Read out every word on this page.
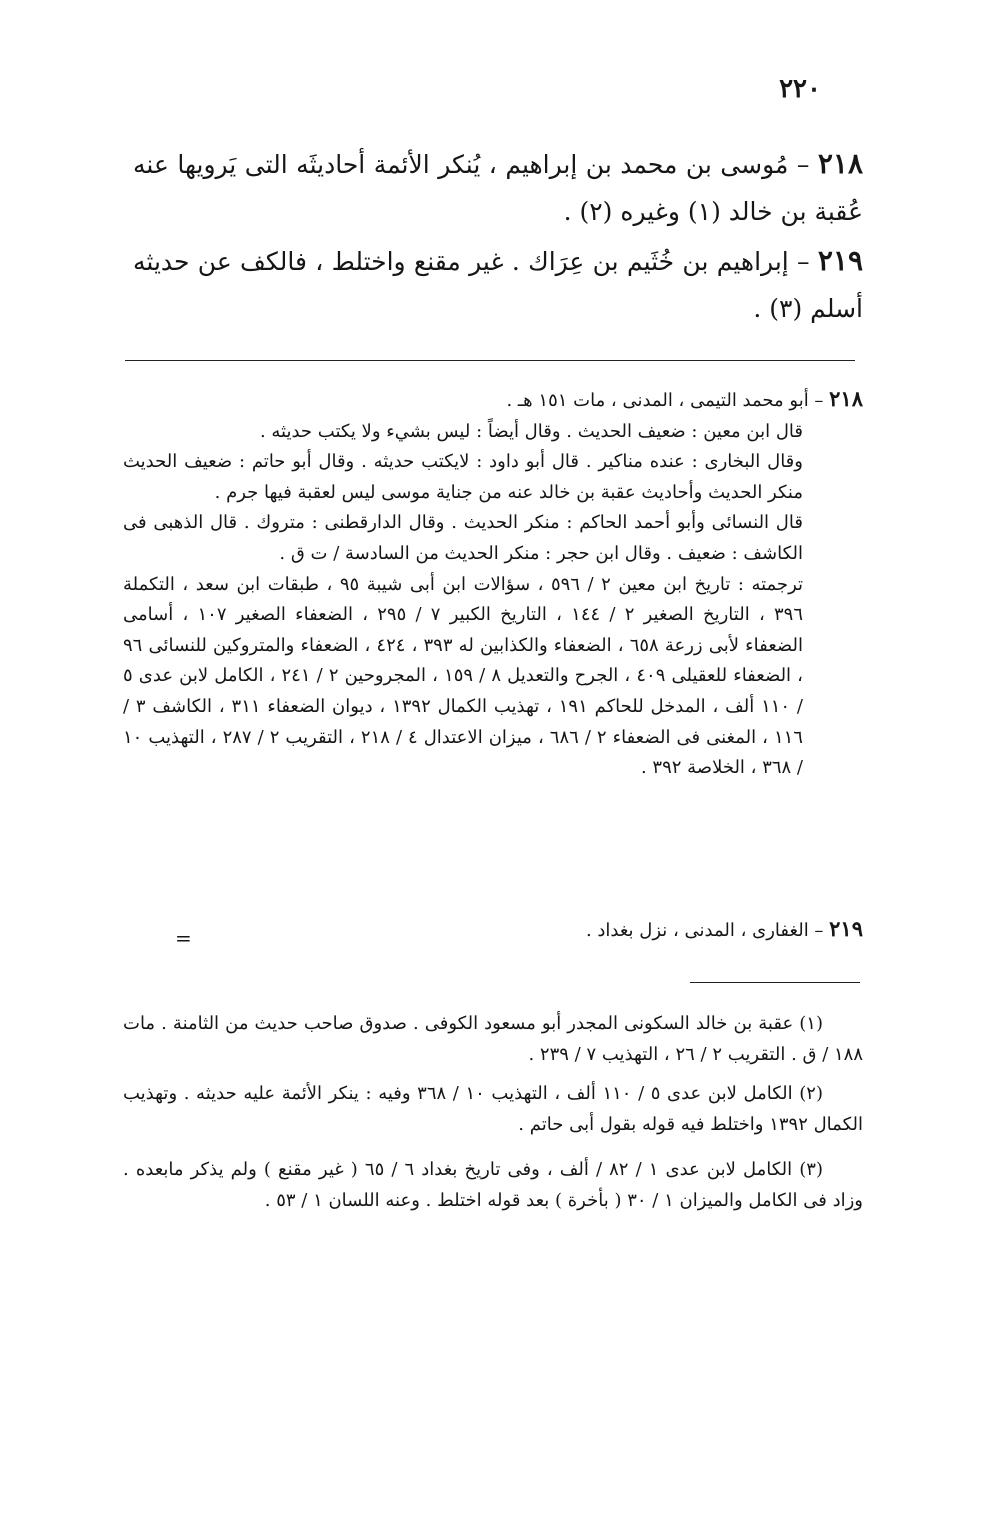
٢٢٠
٢١٨ – مُوسى بن محمد بن إبراهيم ، يُنكر الأئمة أحاديثَه التى يَرويها عنه عُقبة بن خالد (١) وغيره (٢) .
٢١٩ – إبراهيم بن خُثَيم بن عِرَاك . غير مقنع واختلط ، فالكف عن حديثه أسلم (٣) .
٢١٨ – أبو محمد التيمى ، المدنى ، مات ١٥١ هـ .
قال ابن معين : ضعيف الحديث . وقال أيضاً : ليس بشيء ولا يكتب حديثه .
وقال البخارى : عنده مناكير . قال أبو داود : لايكتب حديثه . وقال أبو حاتم : ضعيف الحديث منكر الحديث وأحاديث عقبة بن خالد عنه من جناية موسى ليس لعقبة فيها جرم .
قال النسائى وأبو أحمد الحاكم : منكر الحديث . وقال الدارقطنى : متروك . قال الذهبى فى الكاشف : ضعيف . وقال ابن حجر : منكر الحديث من السادسة / ت ق .
ترجمته : تاريخ ابن معين ٢ / ٥٩٦ ، سؤالات ابن أبى شيبة ٩٥ ، طبقات ابن سعد ، التكملة ٣٩٦ ، التاريخ الصغير ٢ / ١٤٤ ، التاريخ الكبير ٧ / ٢٩٥ ، الضعفاء الصغير ١٠٧ ، أسامى الضعفاء لأبى زرعة ٦٥٨ ، الضعفاء والكذابين له ٣٩٣ ، ٤٢٤ ، الضعفاء والمتروكين للنسائى ٩٦ ، الضعفاء للعقيلى ٤٠٩ ، الجرح والتعديل ٨ / ١٥٩ ، المجروحين ٢ / ٢٤١ ، الكامل لابن عدى ٥ / ١١٠ ألف ، المدخل للحاكم ١٩١ ، تهذيب الكمال ١٣٩٢ ، ديوان الضعفاء ٣١١ ، الكاشف ٣ / ١١٦ ، المغنى فى الضعفاء ٢ / ٦٨٦ ، ميزان الاعتدال ٤ / ٢١٨ ، التقريب ٢ / ٢٨٧ ، التهذيب ١٠ / ٣٦٨ ، الخلاصة ٣٩٢ .
٢١٩ – الغفارى ، المدنى ، نزل بغداد .
=
(١) عقبة بن خالد السكونى المجدر أبو مسعود الكوفى . صدوق صاحب حديث من الثامنة . مات ١٨٨ / ق . التقريب ٢ / ٢٦ ، التهذيب ٧ / ٢٣٩ .
(٢) الكامل لابن عدى ٥ / ١١٠ ألف ، التهذيب ١٠ / ٣٦٨ وفيه : ينكر الأئمة عليه حديثه . وتهذيب الكمال ١٣٩٢ واختلط فيه قوله بقول أبى حاتم .
(٣) الكامل لابن عدى ١ / ٨٢ / ألف ، وفى تاريخ بغداد ٦ / ٦٥ ( غير مقنع ) ولم يذكر مابعده . وزاد فى الكامل والميزان ١ / ٣٠ ( بأخرة ) بعد قوله اختلط . وعنه اللسان ١ / ٥٣ .
